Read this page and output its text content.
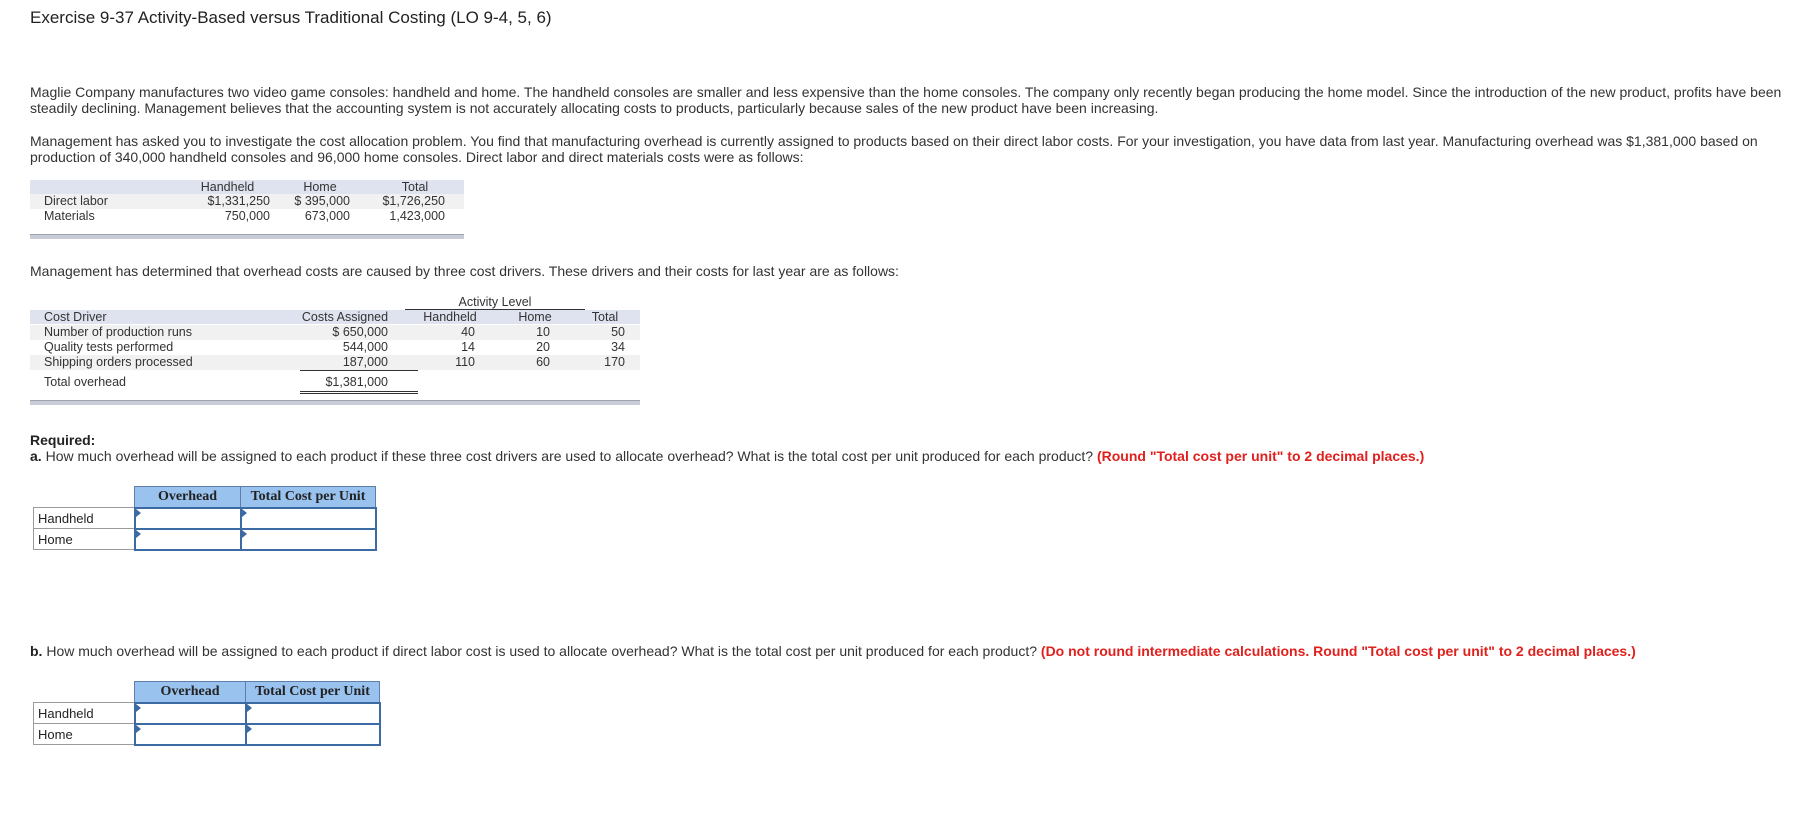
Exercise 9-37 Activity-Based versus Traditional Costing (LO 9-4, 5, 6)
Maglie Company manufactures two video game consoles: handheld and home. The handheld consoles are smaller and less expensive than the home consoles. The company only recently began producing the home model. Since the introduction of the new product, profits have been steadily declining. Management believes that the accounting system is not accurately allocating costs to products, particularly because sales of the new product have been increasing.
Management has asked you to investigate the cost allocation problem. You find that manufacturing overhead is currently assigned to products based on their direct labor costs. For your investigation, you have data from last year. Manufacturing overhead was $1,381,000 based on production of 340,000 handheld consoles and 96,000 home consoles. Direct labor and direct materials costs were as follows:
Handheld	Home	Total
Direct labor	$1,331,250	$ 395,000	$1,726,250
Materials	750,000	673,000	1,423,000
Management has determined that overhead costs are caused by three cost drivers. These drivers and their costs for last year are as follows:
Activity Level
Cost Driver	Costs Assigned	Handheld	Home	Total
Number of production runs	$ 650,000	40	10	50
Quality tests performed	544,000	14	20	34
Shipping orders processed	187,000	110	60	170
Total overhead	$1,381,000
Required:
a. How much overhead will be assigned to each product if these three cost drivers are used to allocate overhead? What is the total cost per unit produced for each product? (Round "Total cost per unit" to 2 decimal places.)
	Overhead	Total Cost per Unit
Handheld	

Home	

b. How much overhead will be assigned to each product if direct labor cost is used to allocate overhead? What is the total cost per unit produced for each product? (Do not round intermediate calculations. Round "Total cost per unit" to 2 decimal places.)
	Overhead	Total Cost per Unit
Handheld	

Home	
